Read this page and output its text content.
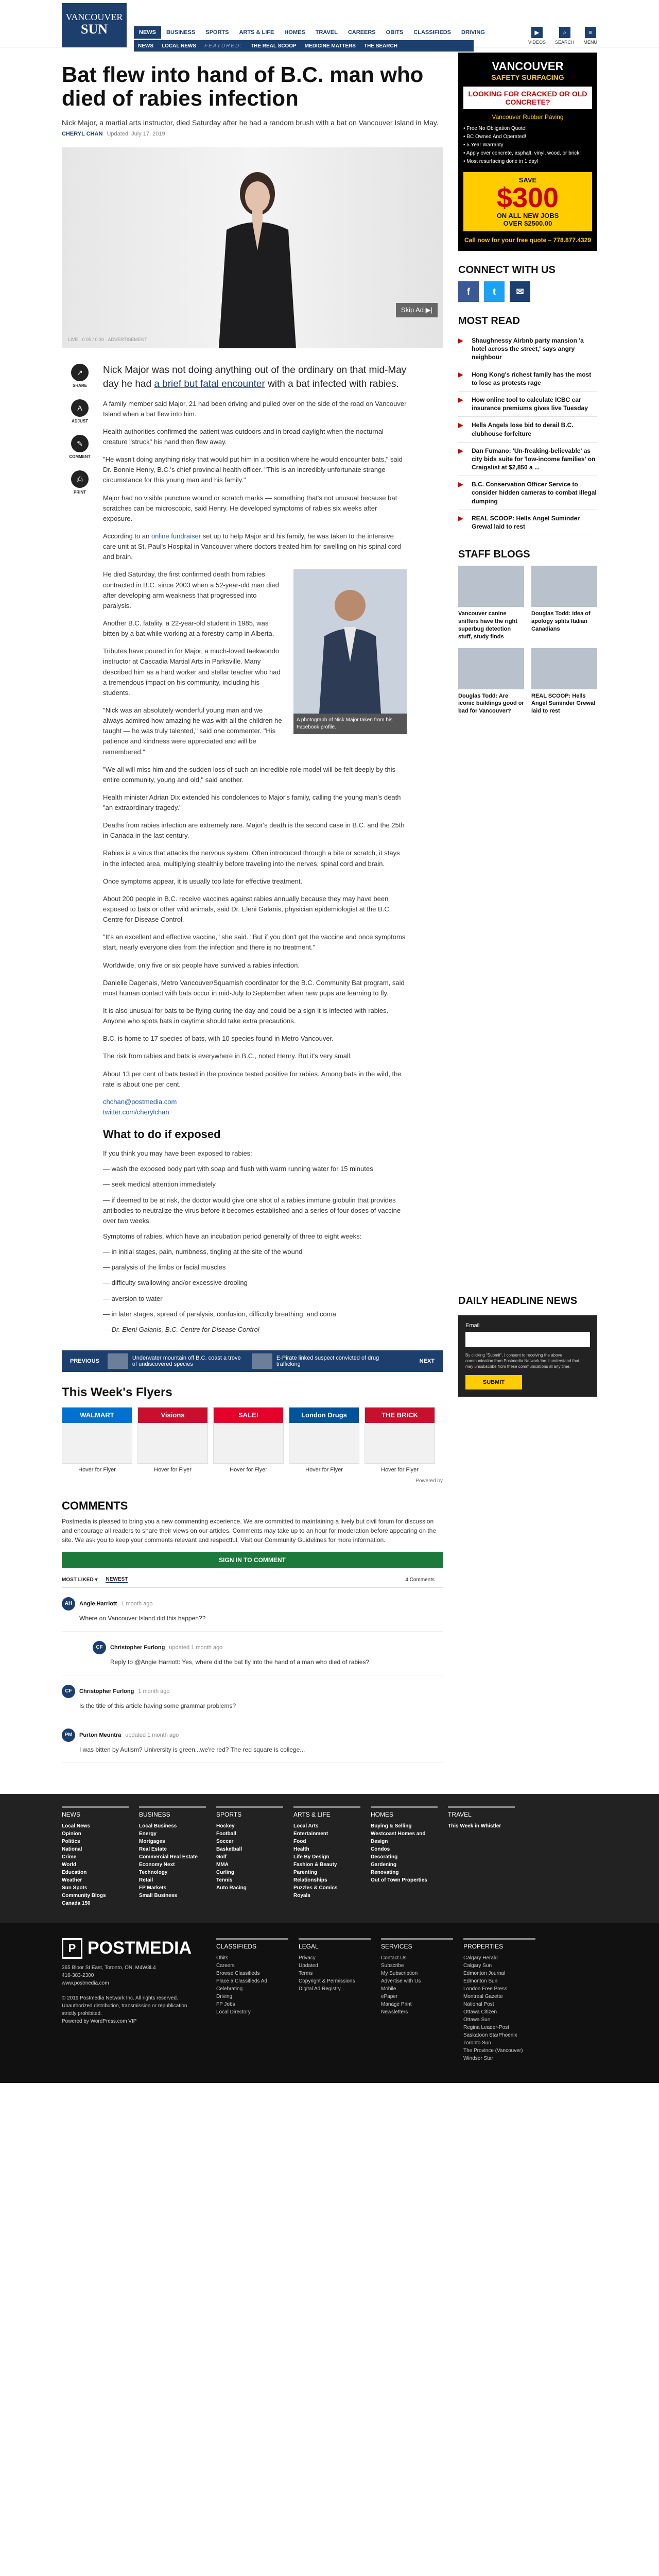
VANCOUVER
SUN	NEWS	BUSINESS	SPORTS	ARTS & LIFE	HOMES	TRAVEL	CAREERS	OBITS	CLASSIFIEDS	DRIVING
NEWS	LOCAL NEWS	FEATURED:	THE REAL SCOOP	MEDICINE MATTERS	THE SEARCH
▶
VIDEOS
⌕
SEARCH
≡
MENU
Bat flew into hand of B.C. man who died of rabies infection
Nick Major, a martial arts instructor, died Saturday after he had a random brush with a bat on Vancouver Island in May.
CHERYL CHAN Updated: July 17, 2019
Skip Ad ▶|
LIVE · 0:05 / 0:30 · ADVERTISEMENT
↗
SHARE
A
ADJUST
✎
COMMENT
⎙
PRINT

Nick Major was not doing anything out of the ordinary on that mid-May day he had a brief but fatal encounter with a bat infected with rabies.

A family member said Major, 21 had been driving and pulled over on the side of the road on Vancouver Island when a bat flew into him.

Health authorities confirmed the patient was outdoors and in broad daylight when the nocturnal creature "struck" his hand then flew away.

"He wasn't doing anything risky that would put him in a position where he would encounter bats," said Dr. Bonnie Henry, B.C.'s chief provincial health officer. "This is an incredibly unfortunate strange circumstance for this young man and his family."

Major had no visible puncture wound or scratch marks — something that's not unusual because bat scratches can be microscopic, said Henry. He developed symptoms of rabies six weeks after exposure.

According to an online fundraiser set up to help Major and his family, he was taken to the intensive care unit at St. Paul's Hospital in Vancouver where doctors treated him for swelling on his spinal cord and brain.

A photograph of Nick Major taken from his Facebook profile.

He died Saturday, the first confirmed death from rabies contracted in B.C. since 2003 when a 52-year-old man died after developing arm weakness that progressed into paralysis.

Another B.C. fatality, a 22-year-old student in 1985, was bitten by a bat while working at a forestry camp in Alberta.

Tributes have poured in for Major, a much-loved taekwondo instructor at Cascadia Martial Arts in Parksville. Many described him as a hard worker and stellar teacher who had a tremendous impact on his community, including his students.

"Nick was an absolutely wonderful young man and we always admired how amazing he was with all the children he taught — he was truly talented," said one commenter. "His patience and kindness were appreciated and will be remembered."

"We all will miss him and the sudden loss of such an incredible role model will be felt deeply by this entire community, young and old," said another.

Health minister Adrian Dix extended his condolences to Major's family, calling the young man's death "an extraordinary tragedy."

Deaths from rabies infection are extremely rare. Major's death is the second case in B.C. and the 25th in Canada in the last century.

Rabies is a virus that attacks the nervous system. Often introduced through a bite or scratch, it stays in the infected area, multiplying stealthily before traveling into the nerves, spinal cord and brain.

Once symptoms appear, it is usually too late for effective treatment.

About 200 people in B.C. receive vaccines against rabies annually because they may have been exposed to bats or other wild animals, said Dr. Eleni Galanis, physician epidemiologist at the B.C. Centre for Disease Control.

"It's an excellent and effective vaccine," she said. "But if you don't get the vaccine and once symptoms start, nearly everyone dies from the infection and there is no treatment."

Worldwide, only five or six people have survived a rabies infection.

Danielle Dagenais, Metro Vancouver/Squamish coordinator for the B.C. Community Bat program, said most human contact with bats occur in mid-July to September when new pups are learning to fly.

It is also unusual for bats to be flying during the day and could be a sign it is infected with rabies. Anyone who spots bats in daytime should take extra precautions.

B.C. is home to 17 species of bats, with 10 species found in Metro Vancouver.

The risk from rabies and bats is everywhere in B.C., noted Henry. But it's very small.

About 13 per cent of bats tested in the province tested positive for rabies. Among bats in the wild, the rate is about one per cent.

chchan@postmedia.com
twitter.com/cherylchan

What to do if exposed

If you think you may have been exposed to rabies:

— wash the exposed body part with soap and flush with warm running water for 15 minutes

— seek medical attention immediately

— if deemed to be at risk, the doctor would give one shot of a rabies immune globulin that provides antibodies to neutralize the virus before it becomes established and a series of four doses of vaccine over two weeks.

Symptoms of rabies, which have an incubation period generally of three to eight weeks:

— in initial stages, pain, numbness, tingling at the site of the wound

— paralysis of the limbs or facial muscles

— difficulty swallowing and/or excessive drooling

— aversion to water

— in later stages, spread of paralysis, confusion, difficulty breathing, and coma

— Dr. Eleni Galanis, B.C. Centre for Disease Control

PREVIOUS	Underwater mountain off B.C. coast a trove of undiscovered species
E-Pirate linked suspect convicted of drug trafficking	NEXT
This Week's Flyers
WALMART
Hover for Flyer
Visions
Hover for Flyer
SALE!
Hover for Flyer
London Drugs
Hover for Flyer
THE BRICK
Hover for Flyer
Powered by
COMMENTS
Postmedia is pleased to bring you a new commenting experience. We are committed to maintaining a lively but civil forum for discussion and encourage all readers to share their views on our articles. Comments may take up to an hour for moderation before appearing on the site. We ask you to keep your comments relevant and respectful. Visit our Community Guidelines for more information.
SIGN IN TO COMMENT
MOST LIKED ▾ NEWEST	4 Comments
AH	Angie Harriott 1 month ago
Where on Vancouver Island did this happen??
CF	Christopher Furlong updated 1 month ago
Reply to @Angie Harriott: Yes, where did the bat fly into the hand of a man who died of rabies?
CF	Christopher Furlong 1 month ago
Is the title of this article having some grammar problems?
PM	Purton Meuntra updated 1 month ago
I was bitten by Autism? University is green...we're red? The red square is college...
VANCOUVER
SAFETY SURFACING
LOOKING FOR CRACKED OR OLD CONCRETE?
Vancouver Rubber Paving
• Free No Obligation Quote!
• BC Owned And Operated!
• 5 Year Warranty
• Apply over concrete, asphalt, vinyl, wood, or brick!
• Most resurfacing done in 1 day!
SAVE
$300
ON ALL NEW JOBS
OVER $2500.00
Call now for your free quote – 778.877.4329
CONNECT WITH US
f	t	✉
MOST READ
▶	Shaughnessy Airbnb party mansion 'a hotel across the street,' says angry neighbour
▶	Hong Kong's richest family has the most to lose as protests rage
▶	How online tool to calculate ICBC car insurance premiums gives live Tuesday
▶	Hells Angels lose bid to derail B.C. clubhouse forfeiture
▶	Dan Fumano: 'Un-freaking-believable' as city bids suite for 'low-income families' on Craigslist at $2,850 a ...
▶	B.C. Conservation Officer Service to consider hidden cameras to combat illegal dumping
▶	REAL SCOOP: Hells Angel Suminder Grewal laid to rest
STAFF BLOGS
Vancouver canine sniffers have the right superbug detection stuff, study finds
Douglas Todd: Idea of apology splits Italian Canadians
Douglas Todd: Are iconic buildings good or bad for Vancouver?
REAL SCOOP: Hells Angel Suminder Grewal laid to rest
DAILY HEADLINE NEWS
Email
By clicking "Submit", I consent to receiving the above communication from Postmedia Network Inc. I understand that I may unsubscribe from these communications at any time.
SUBMIT
NEWS
Local News
Opinion
Politics
National
Crime
World
Education
Weather
Sun Spots
Community Blogs
Canada 150
BUSINESS
Local Business
Energy
Mortgages
Real Estate
Commercial Real Estate
Economy Next
Technology
Retail
FP Markets
Small Business
SPORTS
Hockey
Football
Soccer
Basketball
Golf
MMA
Curling
Tennis
Auto Racing
ARTS & LIFE
Local Arts
Entertainment
Food
Health
Life By Design
Fashion & Beauty
Parenting
Relationships
Puzzles & Comics
Royals
HOMES
Buying & Selling
Westcoast Homes and Design
Condos
Decorating
Gardening
Renovating
Out of Town Properties
TRAVEL
This Week in Whistler
P POSTMEDIA
365 Bloor St East, Toronto, ON, M4W3L4
416-383-2300
www.postmedia.com
© 2019 Postmedia Network Inc. All rights reserved.
Unauthorized distribution, transmission or republication strictly prohibited.
Powered by WordPress.com VIP
CLASSIFIEDS
Obits
Careers
Browse Classifieds
Place a Classifieds Ad
Celebrating
Driving
FP Jobs
Local Directory
LEGAL
Privacy
Updated
Terms
Copyright & Permissions
Digital Ad Registry
SERVICES
Contact Us
Subscribe
My Subscription
Advertise with Us
Mobile
ePaper
Manage Print
Newsletters
PROPERTIES
Calgary Herald
Calgary Sun
Edmonton Journal
Edmonton Sun
London Free Press
Montreal Gazette
National Post
Ottawa Citizen
Ottawa Sun
Regina Leader-Post
Saskatoon StarPhoenix
Toronto Sun
The Province (Vancouver)
Windsor Star
